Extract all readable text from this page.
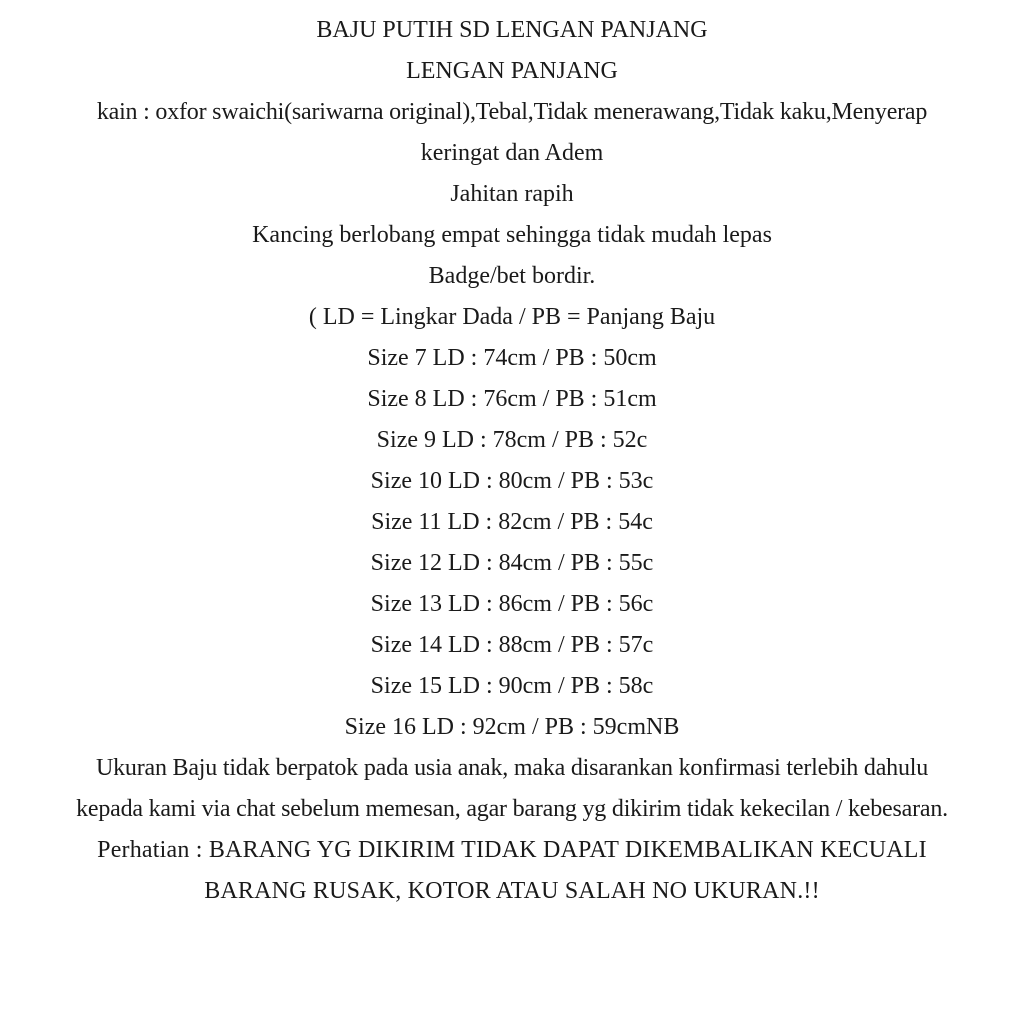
BAJU PUTIH SD LENGAN PANJANG
LENGAN PANJANG
kain : oxfor swaichi(sariwarna original),Tebal,Tidak menerawang,Tidak kaku,Menyerap
keringat dan Adem
Jahitan rapih
Kancing berlobang empat sehingga tidak mudah lepas
Badge/bet bordir.
( LD = Lingkar Dada / PB = Panjang Baju
Size 7 LD : 74cm / PB : 50cm
Size 8 LD : 76cm / PB : 51cm
Size 9 LD : 78cm / PB : 52c
Size 10 LD : 80cm / PB : 53c
Size 11 LD : 82cm / PB : 54c
Size 12 LD : 84cm / PB : 55c
Size 13 LD : 86cm / PB : 56c
Size 14 LD : 88cm / PB : 57c
Size 15 LD : 90cm / PB : 58c
Size 16 LD : 92cm / PB : 59cmNB
Ukuran Baju tidak berpatok pada usia anak, maka disarankan konfirmasi terlebih dahulu
kepada kami via chat sebelum memesan, agar barang yg dikirim tidak kekecilan / kebesaran.
Perhatian : BARANG YG DIKIRIM TIDAK DAPAT DIKEMBALIKAN KECUALI
BARANG RUSAK, KOTOR ATAU SALAH NO UKURAN.!!
